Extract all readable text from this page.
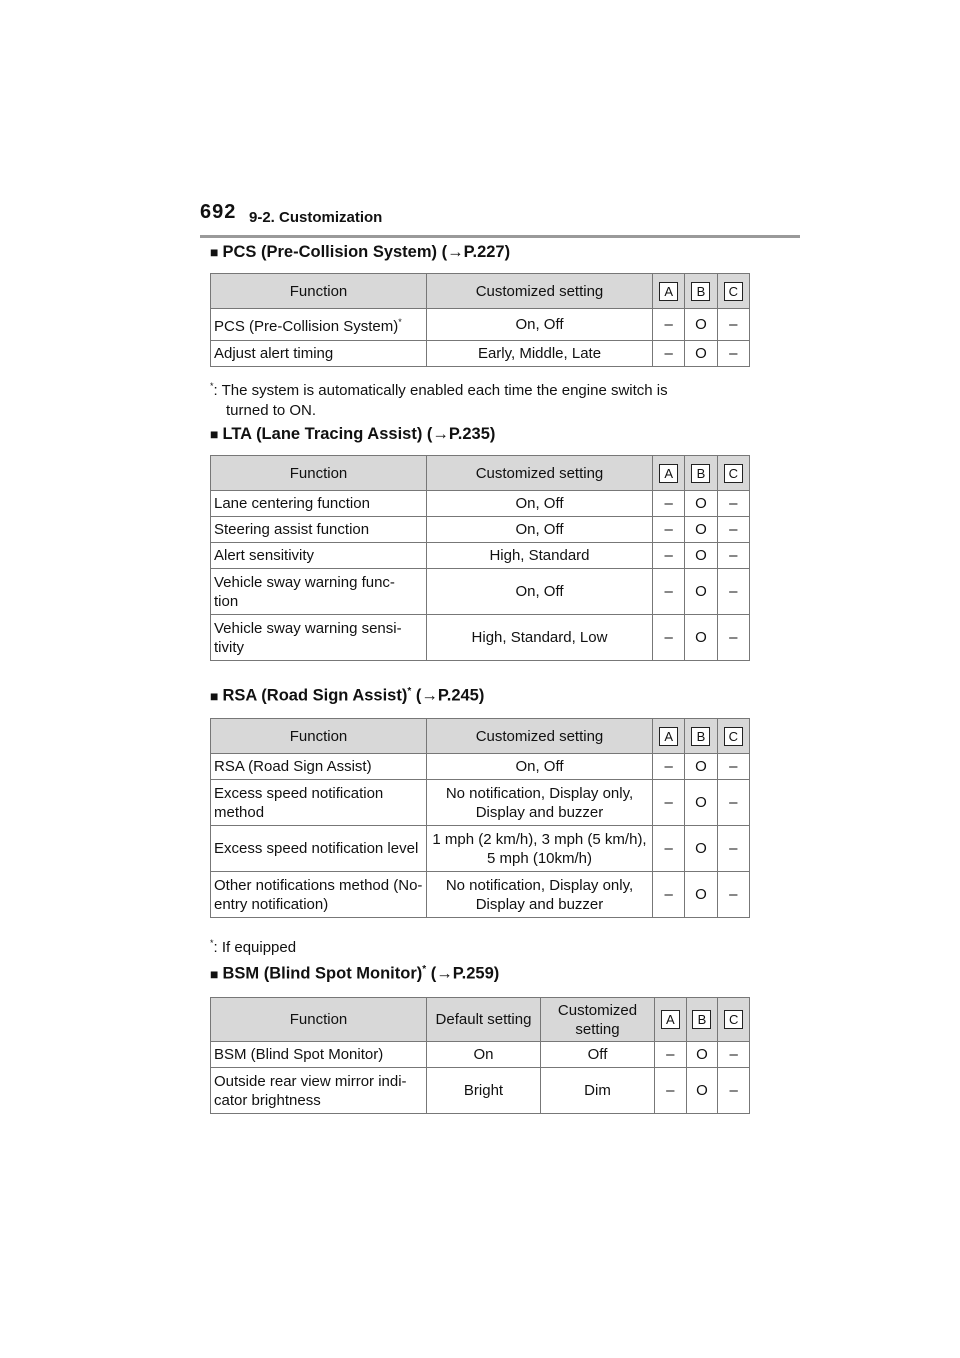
692 9-2. Customization
■ PCS (Pre-Collision System) (→P.227)
Function	Customized setting	A	B	C
PCS (Pre-Collision System)*	On, Off	–	O	–
Adjust alert timing	Early, Middle, Late	–	O	–
*: The system is automatically enabled each time the engine switch is
turned to ON.
■ LTA (Lane Tracing Assist) (→P.235)
Function	Customized setting	A	B	C
Lane centering function	On, Off	–	O	–
Steering assist function	On, Off	–	O	–
Alert sensitivity	High, Standard	–	O	–
Vehicle sway warning func- tion	On, Off	–	O	–
Vehicle sway warning sensi- tivity	High, Standard, Low	–	O	–
■ RSA (Road Sign Assist)* (→P.245)
Function	Customized setting	A	B	C
RSA (Road Sign Assist)	On, Off	–	O	–
Excess speed notification method	No notification, Display only, Display and buzzer	–	O	–
Excess speed notification level	1 mph (2 km/h), 3 mph (5 km/h), 5 mph (10km/h)	–	O	–
Other notifications method (No-entry notification)	No notification, Display only, Display and buzzer	–	O	–
*: If equipped
■ BSM (Blind Spot Monitor)* (→P.259)
Function	Default setting	Customized setting	A	B	C
BSM (Blind Spot Monitor)	On	Off	–	O	–
Outside rear view mirror indi- cator brightness	Bright	Dim	–	O	–
